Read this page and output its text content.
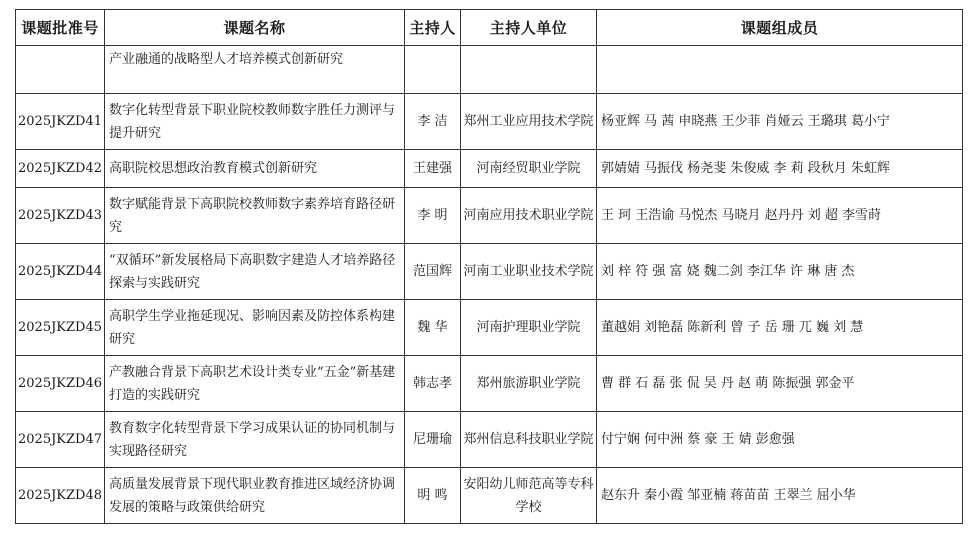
课题批准号	课题名称	主持人	主持人单位	课题组成员
	产业融通的战略型人才培养模式创新研究			
2025JKZD41	数字化转型背景下职业院校教师数字胜任力测评与提升研究	李 洁	郑州工业应用技术学院	杨亚辉 马 茜 申晓燕 王少菲 肖娅云 王璐琪 葛小宁
2025JKZD42	高职院校思想政治教育模式创新研究	王建强	河南经贸职业学院	郭婧婧 马振伐 杨尧斐 朱俊威 李 莉 段秋月 朱虹辉
2025JKZD43	数字赋能背景下高职院校教师数字素养培育路径研究	李 明	河南应用技术职业学院	王 珂 王浩谕 马悦杰 马晓月 赵丹丹 刘 超 李雪莳
2025JKZD44	“双循环”新发展格局下高职数字建造人才培养路径探索与实践研究	范国辉	河南工业职业技术学院	刘 梓 符 强 富 娆 魏二剑 李江华 许 琳 唐 杰
2025JKZD45	高职学生学业拖延现况、影响因素及防控体系构建研究	魏 华	河南护理职业学院	董越娟 刘艳磊 陈新利 曾 子 岳 珊 兀 巍 刘 慧
2025JKZD46	产教融合背景下高职艺术设计类专业“五金”新基建打造的实践研究	韩志孝	郑州旅游职业学院	曹 群 石 磊 张 侃 吴 丹 赵 萌 陈振强 郭金平
2025JKZD47	教育数字化转型背景下学习成果认证的协同机制与实现路径研究	尼珊瑜	郑州信息科技职业学院	付宁娴 何中洲 蔡 豪 王 婧 彭愈强
2025JKZD48	高质量发展背景下现代职业教育推进区域经济协调发展的策略与政策供给研究	明 鸣	安阳幼儿师范高等专科学校	赵东升 秦小霞 邹亚楠 蒋苗苗 王翠兰 屈小华
